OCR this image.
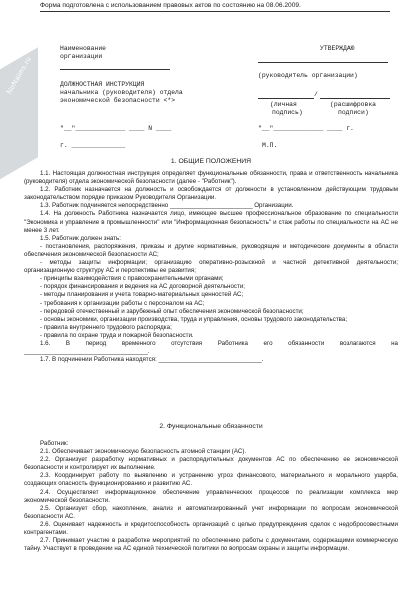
NoNaims.ru
Форма подготовлена с использованием правовых актов по состоянию на 08.06.2009.
Наименование
организации
ДОЛЖНОСТНАЯ ИНСТРУКЦИЯ
начальника (руководителя) отдела
экономической безопасности <*>
"__"_____________ ____ N ____
г. ______________
УТВЕРЖДАЮ
(руководитель организации)
/
(личная
подпись)
(расшифровка
подписи)
"__"_____________ ____ г.
М.П.
1. ОБЩИЕ ПОЛОЖЕНИЯ

1.1. Настоящая должностная инструкция определяет функциональные обязанности, права и ответственность начальника (руководителя) отдела экономической безопасности (далее - "Работник").

1.2. Работник назначается на должность и освобождается от должности в установленном действующим трудовым законодательством порядке приказом Руководителя Организации.

1.3. Работник подчиняется непосредственно ________________________ Организации.

1.4. На должность Работника назначается лицо, имеющее высшее профессиональное образование по специальности "Экономика и управление в промышленности" или "Информационная безопасность" и стаж работы по специальности на АС не менее 3 лет.

1.5. Работник должен знать:

- постановления, распоряжения, приказы и другие нормативные, руководящие и методические документы в области обеспечения экономической безопасности АС;

- методы защиты информации; организацию оперативно-розыскной и частной детективной деятельности; организационную структуру АС и перспективы ее развития;

- принципы взаимодействия с правоохранительными органами;

- порядок финансирования и ведения на АС договорной деятельности;

- методы планирования и учета товарно-материальных ценностей АС;

- требования к организации работы с персоналом на АС;

- передовой отечественный и зарубежный опыт обеспечения экономической безопасности;

- основы экономики, организации производства, труда и управления, основы трудового законодательства;

- правила внутреннего трудового распорядка;

- правила по охране труда и пожарной безопасности.

1.6. В период временного отсутствия Работника его обязанности возлагаются на ____________________________________.

1.7. В подчинении Работника находятся: ______________________________.

2. Функциональные обязанности

Работник:

2.1. Обеспечивает экономическую безопасность атомной станции (АС).

2.2. Организует разработку нормативных и распорядительных документов АС по обеспечению ее экономической безопасности и контролирует их выполнение.

2.3. Координирует работу по выявлению и устранению угроз финансового, материального и морального ущерба, создающих опасность функционированию и развитию АС.

2.4. Осуществляет информационное обеспечение управленческих процессов по реализации комплекса мер экономической безопасности.

2.5. Организует сбор, накопление, анализ и автоматизированный учет информации по вопросам экономической безопасности АС.

2.6. Оценивает надежность и кредитоспособность организаций с целью предупреждения сделок с недобросовестными контрагентами.

2.7. Принимает участие в разработке мероприятий по обеспечению работы с документами, содержащими коммерческую тайну. Участвует в проведении на АС единой технической политики по вопросам охраны и защиты информации.
